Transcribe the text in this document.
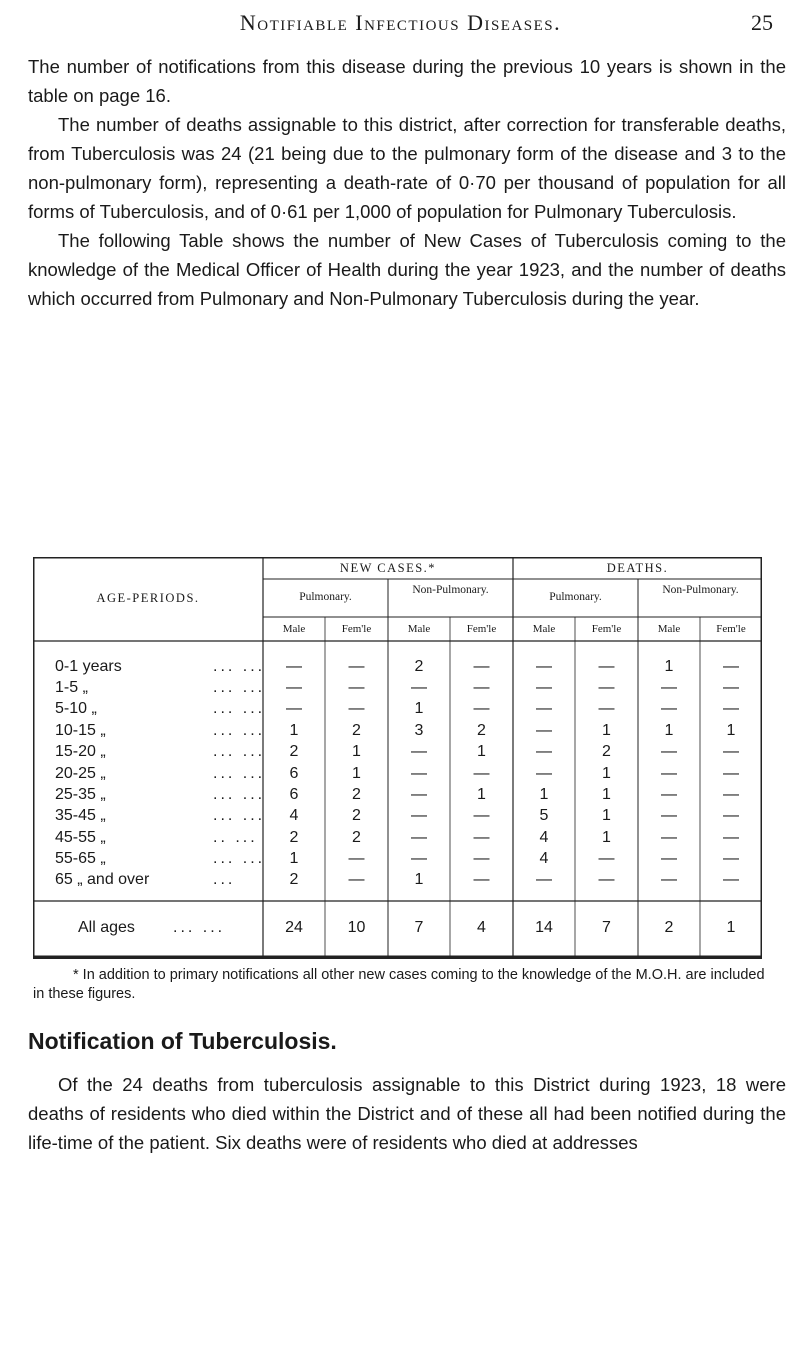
Notifiable Infectious Diseases.	25

The number of notifications from this disease during the previous 10 years is shown in the table on page 16.

The number of deaths assignable to this district, after correction for transferable deaths, from Tuberculosis was 24 (21 being due to the pulmonary form of the disease and 3 to the non-pulmonary form), representing a death-rate of 0·70 per thousand of population for all forms of Tuberculosis, and of 0·61 per 1,000 of population for Pulmonary Tuberculosis.

The following Table shows the number of New Cases of Tuberculosis coming to the knowledge of the Medical Officer of Health during the year 1923, and the number of deaths which occurred from Pulmonary and Non-Pulmonary Tuberculosis during the year.

AGE-PERIODS.
NEW CASES.*	DEATHS.
Pulmonary.
Non-Pulmonary.
Pulmonary.
Non-Pulmonary.
Male	Fem'le	Male	Fem'le	Male	Fem'le	Male	Fem'le
0-1 years	... ...	—	—	2	—	—	—	1	—
1-5 „	... ...	—	—	—	—	—	—	—	—
5-10 „	... ...	—	—	1	—	—	—	—	—
10-15 „	... ...	1	2	3	2	—	1	1	1
15-20 „	... ...	2	1	—	1	—	2	—	—
20-25 „	... ...	6	1	—	—	—	1	—	—
25-35 „	... ...	6	2	—	1	1	1	—	—
35-45 „	... ...	4	2	—	—	5	1	—	—
45-55 „	.. ...	2	2	—	—	4	1	—	—
55-65 „	... ...	1	—	—	—	4	—	—	—
65 „ and over	...	2	—	1	—	—	—	—	—
All ages ... ...	24	10	7	4	14	7	2	1
* In addition to primary notifications all other new cases coming to the knowledge of the M.O.H. are included in these figures.
Notification of Tuberculosis.

Of the 24 deaths from tuberculosis assignable to this District during 1923, 18 were deaths of residents who died within the District and of these all had been notified during the life-time of the patient. Six deaths were of residents who died at addresses
